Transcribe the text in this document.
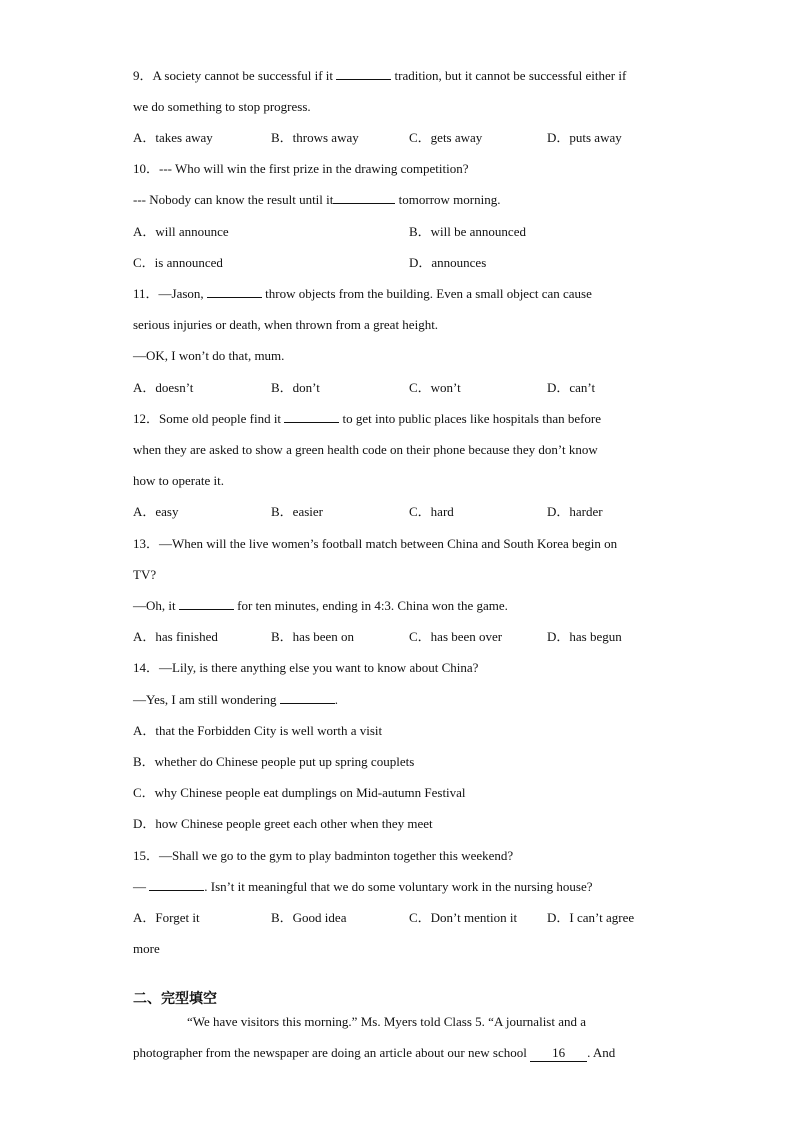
9．A society cannot be successful if it	tradition, but it cannot be successful either if
we do something to stop progress.
A．takes away	B．throws away	C．gets away	D．puts away
10．--- Who will win the first prize in the drawing competition?
--- Nobody can know the result until it	tomorrow morning.
A．will announce	B．will be announced
C．is announced	D．announces
11．—Jason,	throw objects from the building. Even a small object can cause
serious injuries or death, when thrown from a great height.
—OK, I won’t do that, mum.
A．doesn’t	B．don’t	C．won’t	D．can’t
12．Some old people find it	to get into public places like hospitals than before
when they are asked to show a green health code on their phone because they don’t know
how to operate it.
A．easy	B．easier	C．hard	D．harder
13．—When will the live women’s football match between China and South Korea begin on
TV?
—Oh, it	for ten minutes, ending in 4:3. China won the game.
A．has finished	B．has been on	C．has been over	D．has begun
14．—Lily, is there anything else you want to know about China?
—Yes, I am still wondering	.
A．that the Forbidden City is well worth a visit
B．whether do Chinese people put up spring couplets
C．why Chinese people eat dumplings on Mid-autumn Festival
D．how Chinese people greet each other when they meet
15．—Shall we go to the gym to play badminton together this weekend?
—	. Isn’t it meaningful that we do some voluntary work in the nursing house?
A．Forget it	B．Good idea	C．Don’t mention it D．I can’t agree
more
二、完型填空
“We have visitors this morning.” Ms. Myers told Class 5. “A journalist and a
photographer from the newspaper are doing an article about our new school 16 . And
